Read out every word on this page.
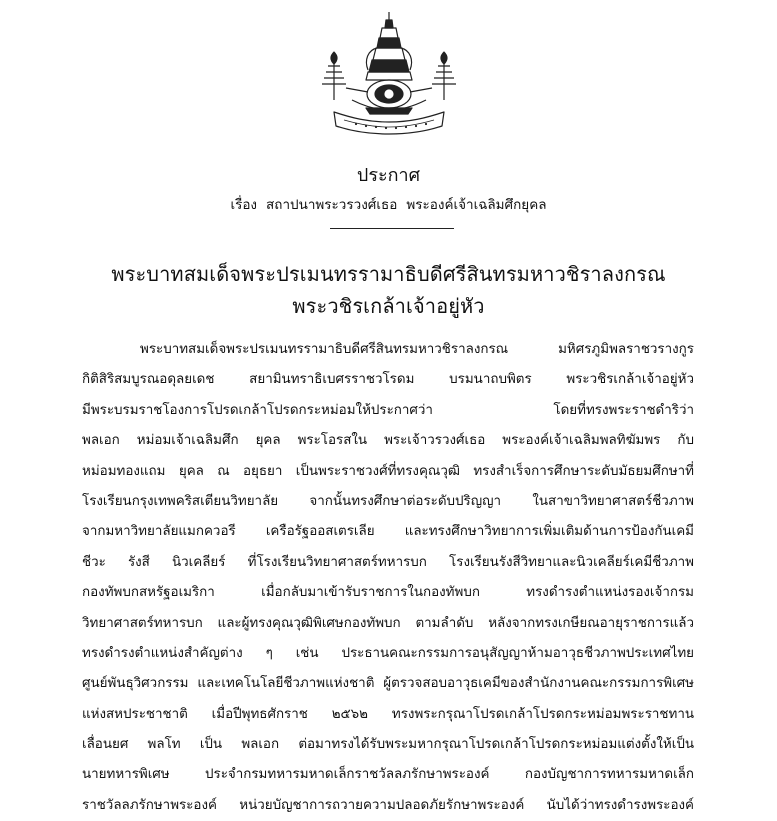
ประกาศ
เรื่อง สถาปนาพระวรวงศ์เธอ พระองค์เจ้าเฉลิมศึกยุคล
พระบาทสมเด็จพระปรเมนทรรามาธิบดีศรีสินทรมหาวชิราลงกรณ
พระวชิรเกล้าเจ้าอยู่หัว
พระบาทสมเด็จพระปรเมนทรรามาธิบดีศรีสินทรมหาวชิราลงกรณ มหิศรภูมิพลราชวรางกูร
กิติสิริสมบูรณอดุลยเดช สยามินทราธิเบศรราชวโรดม บรมนาถบพิตร พระวชิรเกล้าเจ้าอยู่หัว
มีพระบรมราชโองการโปรดเกล้าโปรดกระหม่อมให้ประกาศว่า โดยที่ทรงพระราชดำริว่า
พลเอก หม่อมเจ้าเฉลิมศึก ยุคล พระโอรสใน พระเจ้าวรวงศ์เธอ พระองค์เจ้าเฉลิมพลทิฆัมพร กับ
หม่อมทองแถม ยุคล ณ อยุธยา เป็นพระราชวงศ์ที่ทรงคุณวุฒิ ทรงสำเร็จการศึกษาระดับมัธยมศึกษาที่
โรงเรียนกรุงเทพคริสเตียนวิทยาลัย จากนั้นทรงศึกษาต่อระดับปริญญา ในสาขาวิทยาศาสตร์ชีวภาพ
จากมหาวิทยาลัยแมกควอรี เครือรัฐออสเตรเลีย และทรงศึกษาวิทยาการเพิ่มเติมด้านการป้องกันเคมี
ชีวะ รังสี นิวเคลียร์ ที่โรงเรียนวิทยาศาสตร์ทหารบก โรงเรียนรังสีวิทยาและนิวเคลียร์เคมีชีวภาพ
กองทัพบกสหรัฐอเมริกา เมื่อกลับมาเข้ารับราชการในกองทัพบก ทรงดำรงตำแหน่งรองเจ้ากรม
วิทยาศาสตร์ทหารบก และผู้ทรงคุณวุฒิพิเศษกองทัพบก ตามลำดับ หลังจากทรงเกษียณอายุราชการแล้ว
ทรงดำรงตำแหน่งสำคัญต่าง ๆ เช่น ประธานคณะกรรมการอนุสัญญาห้ามอาวุธชีวภาพประเทศไทย
ศูนย์พันธุวิศวกรรม และเทคโนโลยีชีวภาพแห่งชาติ ผู้ตรวจสอบอาวุธเคมีของสำนักงานคณะกรรมการพิเศษ
แห่งสหประชาชาติ เมื่อปีพุทธศักราช ๒๕๖๒ ทรงพระกรุณาโปรดเกล้าโปรดกระหม่อมพระราชทาน
เลื่อนยศ พลโท เป็น พลเอก ต่อมาทรงได้รับพระมหากรุณาโปรดเกล้าโปรดกระหม่อมแต่งตั้งให้เป็น
นายทหารพิเศษ ประจำกรมทหารมหาดเล็กราชวัลลภรักษาพระองค์ กองบัญชาการทหารมหาดเล็ก
ราชวัลลภรักษาพระองค์ หน่วยบัญชาการถวายความปลอดภัยรักษาพระองค์ นับได้ว่าทรงดำรงพระองค์
